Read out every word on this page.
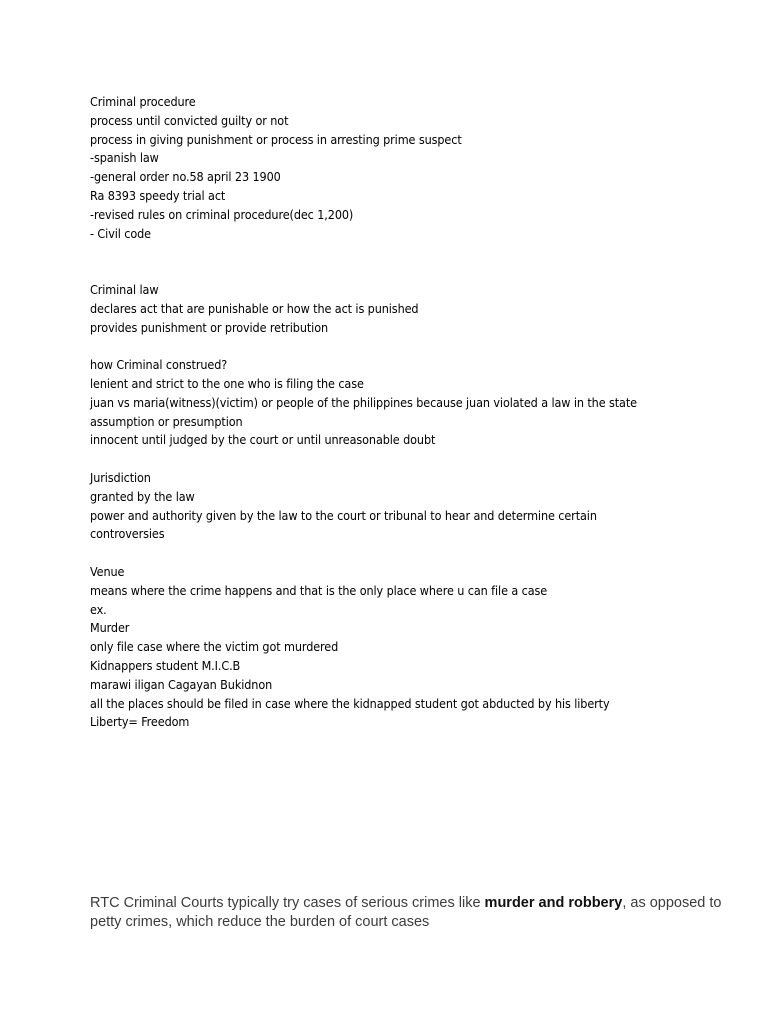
Criminal procedure
process until convicted guilty or not
process in giving punishment or process in arresting prime suspect
-spanish law
-general order no.58 april 23 1900
Ra 8393 speedy trial act
-revised rules on criminal procedure(dec 1,200)
- Civil code
Criminal law
declares act that are punishable or how the act is punished
provides punishment or provide retribution
how Criminal construed?
lenient and strict to the one who is filing the case
juan vs maria(witness)(victim) or people of the philippines because juan violated a law in the state
assumption or presumption
innocent until judged by the court or until unreasonable doubt
Jurisdiction
granted by the law
power and authority given by the law to the court or tribunal to hear and determine certain
controversies
Venue
means where the crime happens and that is the only place where u can file a case
ex.
Murder
only file case where the victim got murdered
Kidnappers student M.I.C.B
marawi iligan Cagayan Bukidnon
all the places should be filed in case where the kidnapped student got abducted by his liberty
Liberty= Freedom

RTC Criminal Courts typically try cases of serious crimes like murder and robbery, as opposed to petty crimes, which reduce the burden of court cases
